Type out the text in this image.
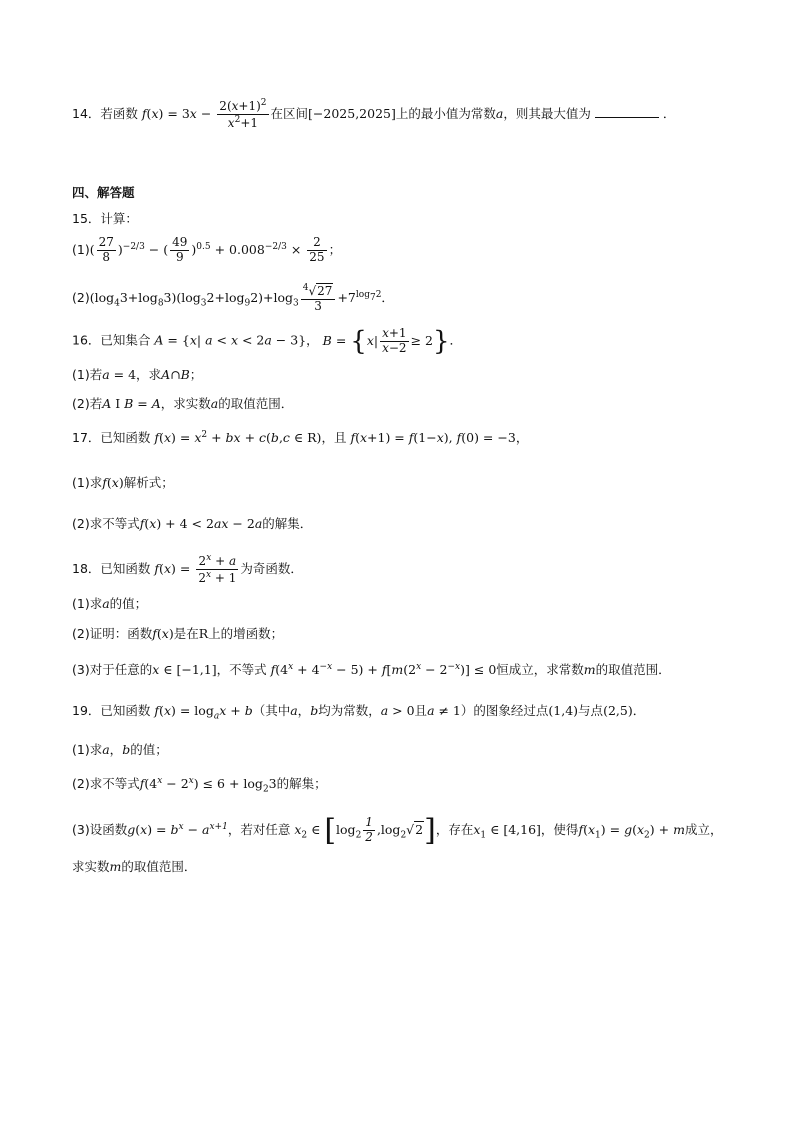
14．若函数 $f(x) = 3x - \frac{2(x+1)^2}{x^2+1}$ 在区间[−2025,2025]上的最小值为常数a，则其最大值为	．
四、解答题
15．计算：
$(1)( \frac{27}{8} )^{-2/3}$ − ( $\frac{49}{9} )^{0.5} + 0.008^{-2/3} \times \frac{2}{25}$ ；
$(2)(\log_43+\log_83)(\log_32+\log_92)+\log_3 \frac{^4√27}{3} +7^{log_72}$．
16．已知集合 A = {x| a < x < 2a − 3}， $B = \{x| \frac{x+1}{x-2} \ge 2\}$．
(1)若a = 4，求A∩B；
(2)若A I B = A，求实数a的取值范围．
17．已知函数 $f(x) = x^2$ + bx + c(b,c ∈ R)，且 f(x+1) = f(1−x), f(0) = −3，
(1)求f(x)解析式；
(2)求不等式f(x) + 4 < 2ax − 2a的解集．
18．已知函数 $f(x) = \frac{2^x + a}{2^x + 1}$ 为奇函数．
(1)求a的值；
(2)证明：函数f(x)是在R上的增函数；
(3)对于任意的x ∈ [−1,1]，不等式 $f(4^x + 4^{-x} - 5) + f[m(2^x - 2^{-x})] \le 0$恒成立，求常数m的取值范围．
19．已知函数 $f(x) = \log_ax + b$（其中a，b均为常数，a > 0且a ≠ 1）的图象经过点(1,4)与点(2,5)．
(1)求a，b的值；
(2)求不等式$f(4^x - 2^x) \le 6 + \log_23$的解集；
(3)设函数$g(x) = b^x - a^{x+1}$，若对任意 $x_2$ ∈ $[\log_2 \frac{1}{2} ,\log_2√2]$，存在$x_1$ ∈ [4,16]，使得$f(x_1) = g(x_2) + m$成立，
求实数m的取值范围．
